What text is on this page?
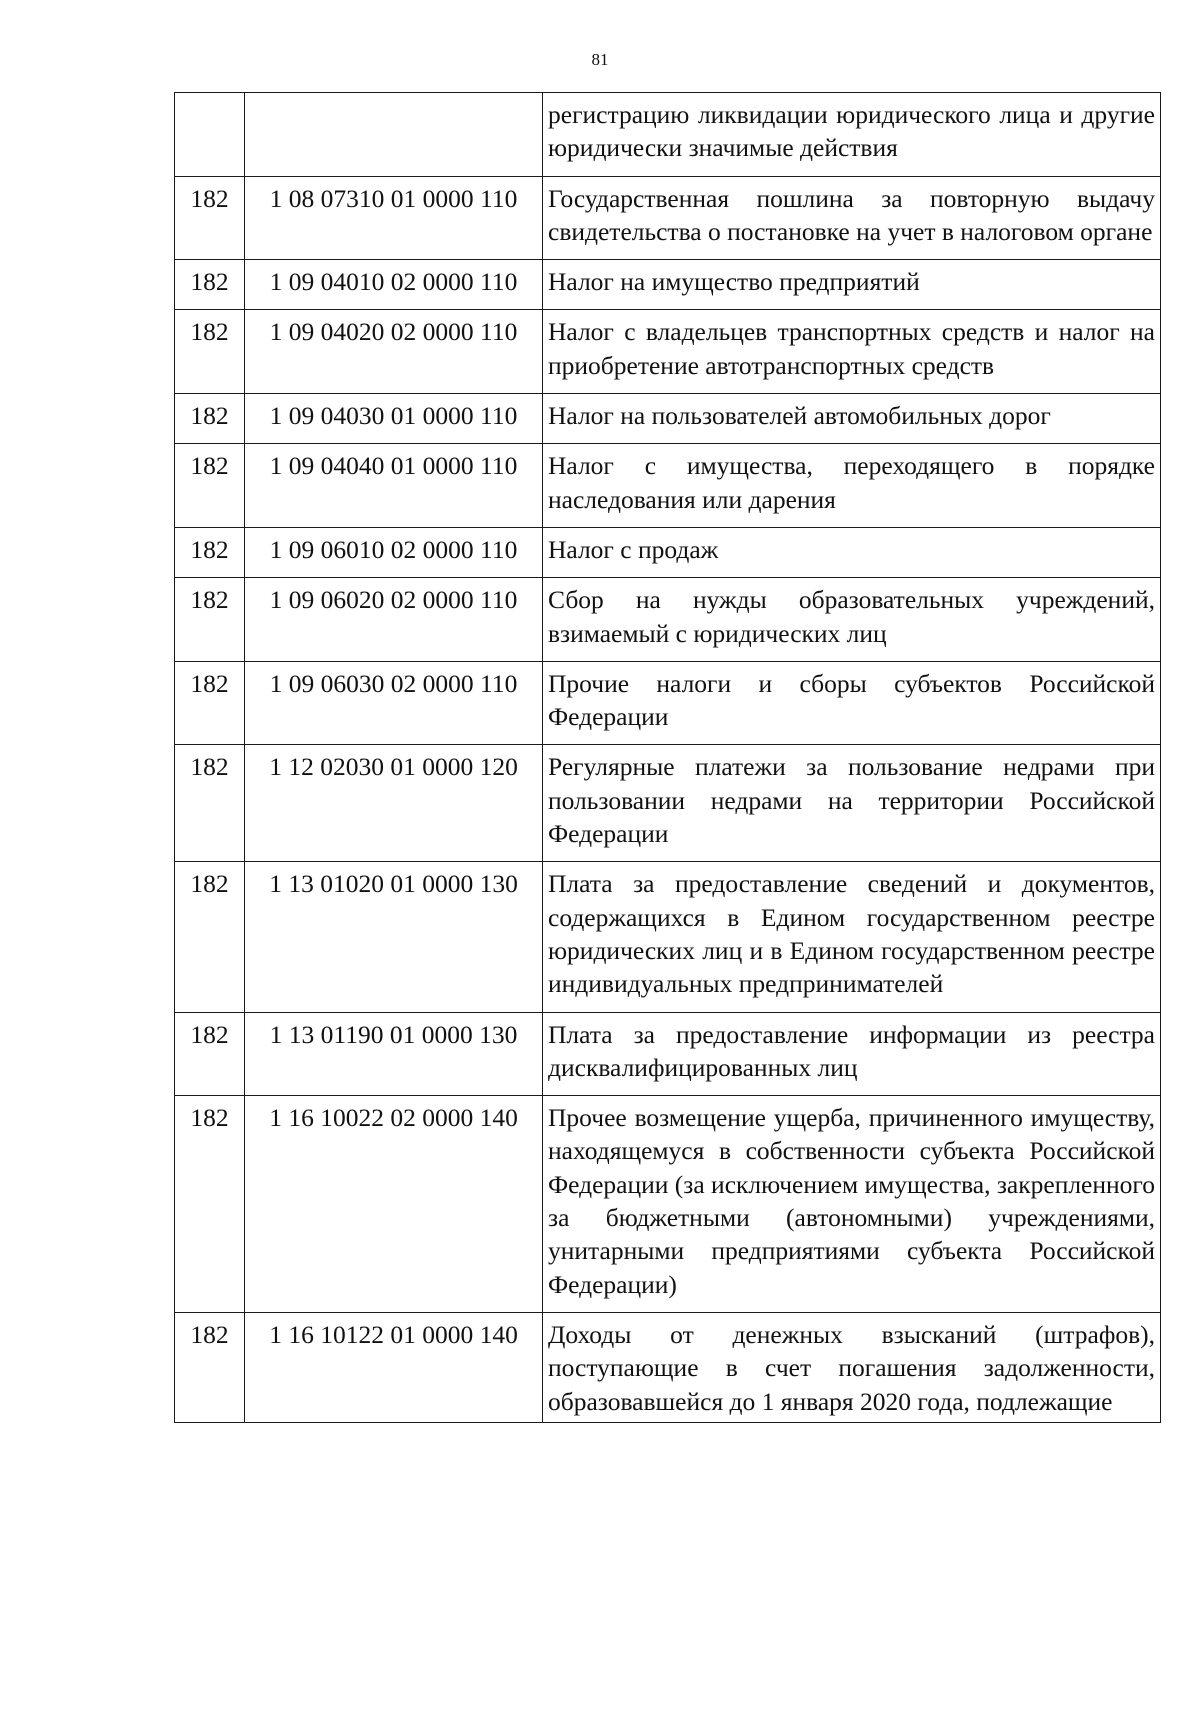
81
		регистрацию ликвидации юридического лица и другие юридически значимые действия
182	1 08 07310 01 0000 110	Государственная пошлина за повторную выдачу свидетельства о постановке на учет в налоговом органе
182	1 09 04010 02 0000 110	Налог на имущество предприятий
182	1 09 04020 02 0000 110	Налог с владельцев транспортных средств и налог на приобретение автотранспортных средств
182	1 09 04030 01 0000 110	Налог на пользователей автомобильных дорог
182	1 09 04040 01 0000 110	Налог с имущества, переходящего в порядке наследования или дарения
182	1 09 06010 02 0000 110	Налог с продаж
182	1 09 06020 02 0000 110	Сбор на нужды образовательных учреждений, взимаемый с юридических лиц
182	1 09 06030 02 0000 110	Прочие налоги и сборы субъектов Российской Федерации
182	1 12 02030 01 0000 120	Регулярные платежи за пользование недрами при пользовании недрами на территории Российской Федерации
182	1 13 01020 01 0000 130	Плата за предоставление сведений и документов, содержащихся в Едином государственном реестре юридических лиц и в Едином государственном реестре индивидуальных предпринимателей
182	1 13 01190 01 0000 130	Плата за предоставление информации из реестра дисквалифицированных лиц
182	1 16 10022 02 0000 140	Прочее возмещение ущерба, причиненного имуществу, находящемуся в собственности субъекта Российской Федерации (за исключением имущества, закрепленного за бюджетными (автономными) учреждениями, унитарными предприятиями субъекта Российской Федерации)
182	1 16 10122 01 0000 140	Доходы от денежных взысканий (штрафов), поступающие в счет погашения задолженности, образовавшейся до 1 января 2020 года, подлежащие
